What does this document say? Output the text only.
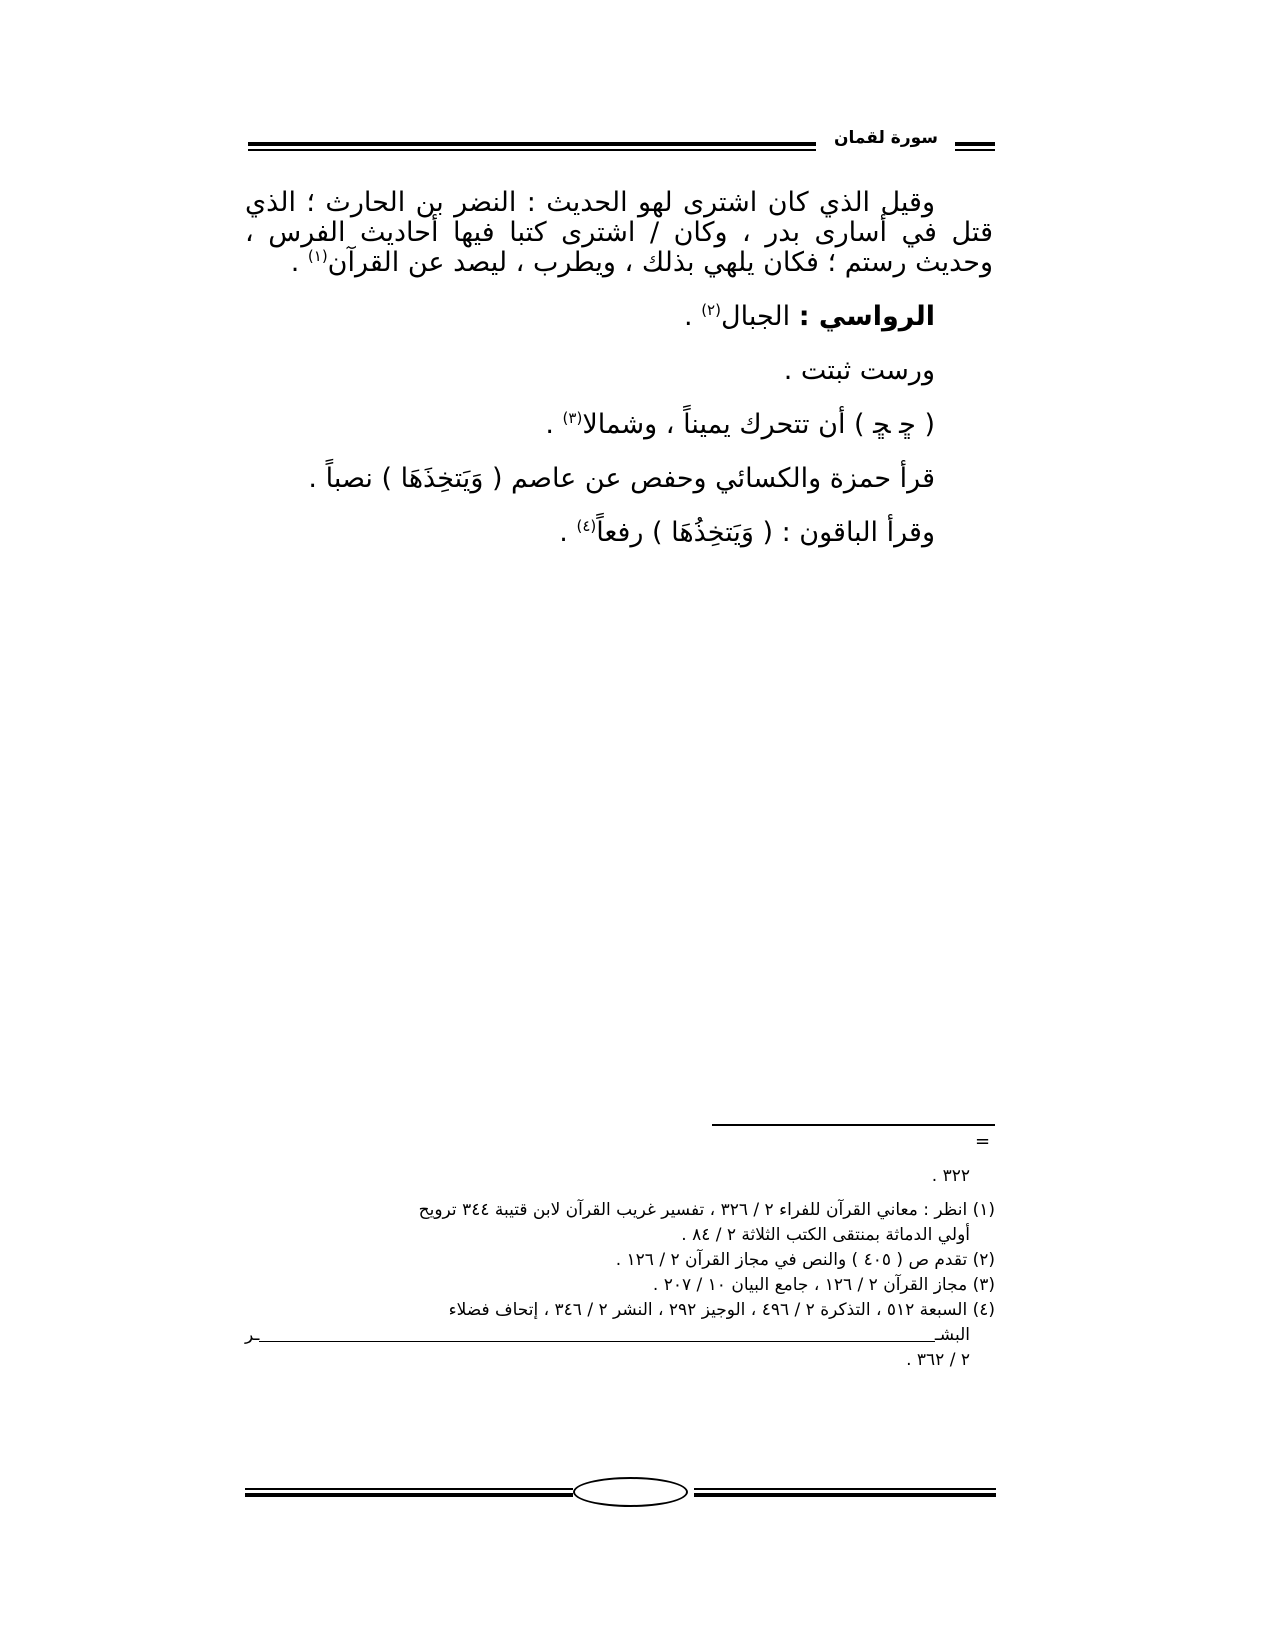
سورة لقمان

وقيل الذي كان اشترى لهو الحديث : النضر بن الحارث ؛ الذي قتل في أسارى بدر ، وكان / اشترى كتبا فيها أحاديث الفرس ، وحديث رستم ؛ فكان يلهي بذلك ، ويطرب ، ليصد عن القرآن$^{(١)}$ .

الرواسي : الجبال$^{(٢)}$ .

ورست ثبتت .

( ﮀ ﮁ ) أن تتحرك يميناً ، وشمالا$^{(٣)}$ .

قرأ حمزة والكسائي وحفص عن عاصم ( وَيَتخِذَهَا ) نصباً .

وقرأ الباقون : ( وَيَتخِذُهَا ) رفعاً$^{(٤)}$ .

=

٣٢٢ .

(١) انظر : معاني القرآن للفراء ٢ / ٣٢٦ ، تفسير غريب القرآن لابن قتيبة ٣٤٤ ترويح

أولي الدماثة بمنتقى الكتب الثلاثة ٢ / ٨٤ .

(٢) تقدم ص ( ٤٠٥ ) والنص في مجاز القرآن ٢ / ١٢٦ .

(٣) مجاز القرآن ٢ / ١٢٦ ، جامع البيان ١٠ / ٢٠٧ .

(٤) السبعة ٥١٢ ، التذكرة ٢ / ٤٩٦ ، الوجيز ٢٩٢ ، النشر ٢ / ٣٤٦ ، إتحاف فضلاء

البشـ
ـر

٢ / ٣٦٢ .
